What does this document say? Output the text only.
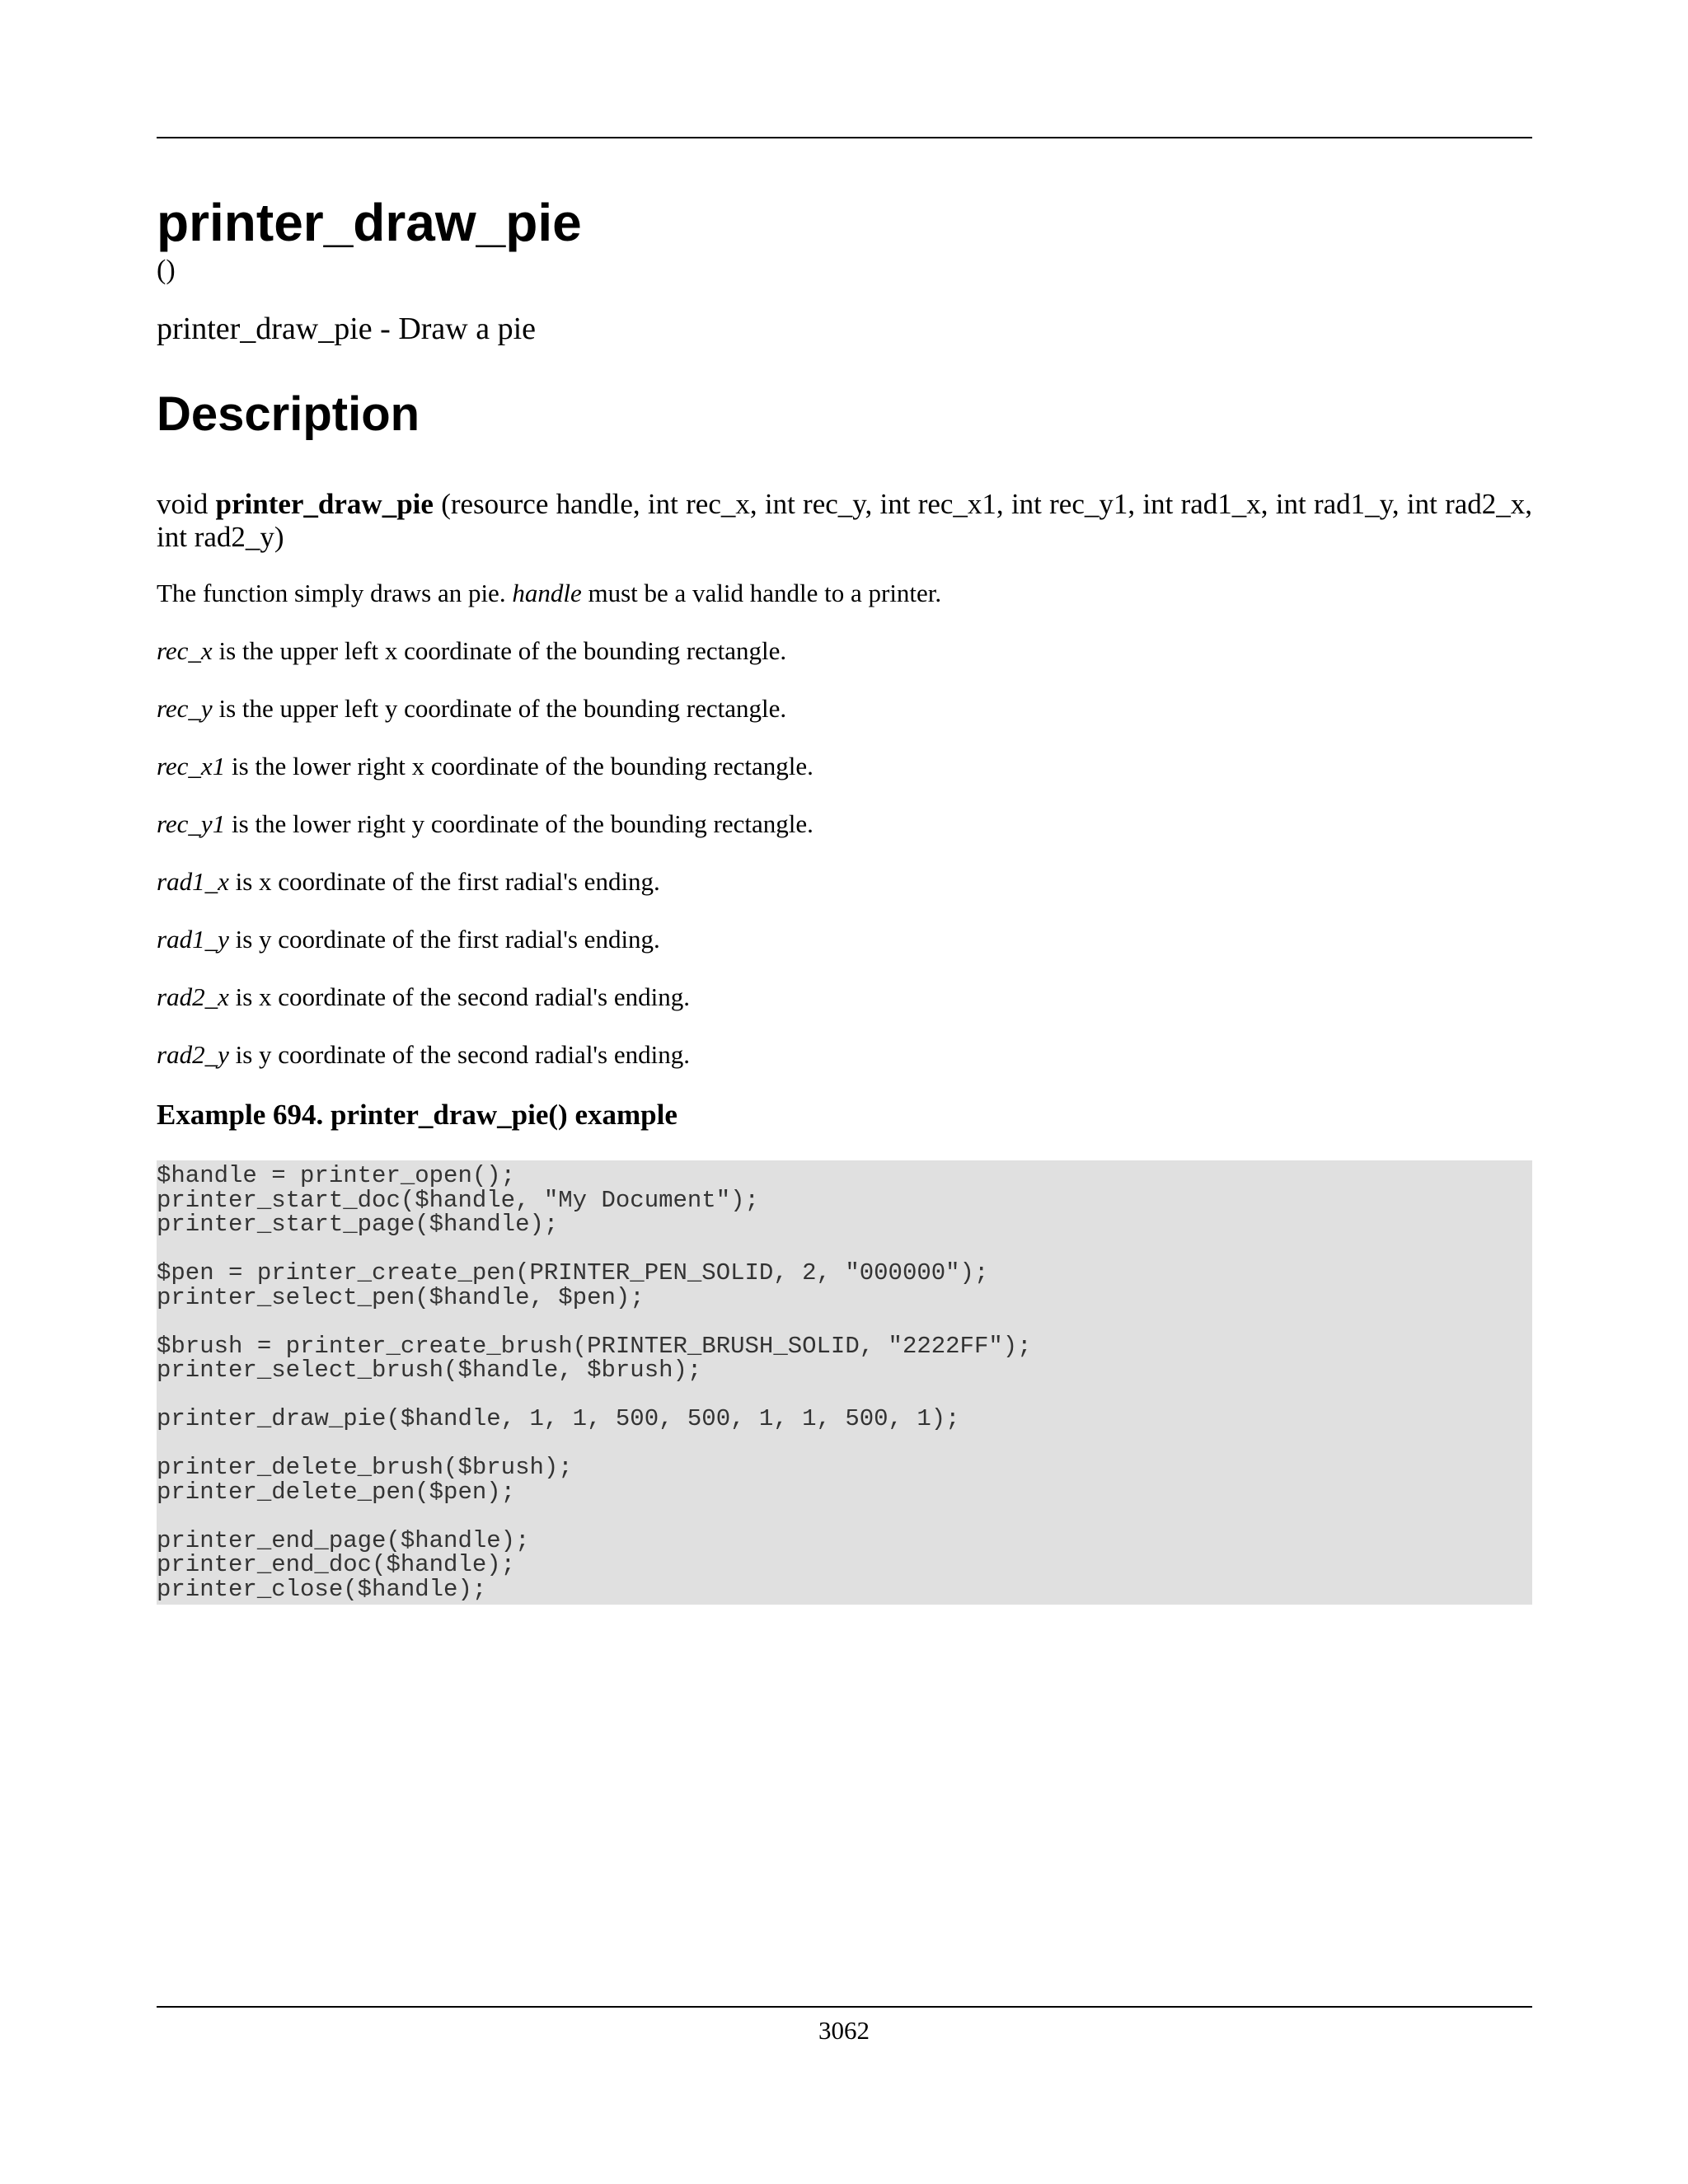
printer_draw_pie
()

printer_draw_pie - Draw a pie

Description

void printer_draw_pie (resource handle, int rec_x, int rec_y, int rec_x1, int rec_y1, int rad1_x, int rad1_y, int rad2_x, int rad2_y)

The function simply draws an pie. handle must be a valid handle to a printer.

rec_x is the upper left x coordinate of the bounding rectangle.

rec_y is the upper left y coordinate of the bounding rectangle.

rec_x1 is the lower right x coordinate of the bounding rectangle.

rec_y1 is the lower right y coordinate of the bounding rectangle.

rad1_x is x coordinate of the first radial's ending.

rad1_y is y coordinate of the first radial's ending.

rad2_x is x coordinate of the second radial's ending.

rad2_y is y coordinate of the second radial's ending.

Example 694. printer_draw_pie() example
$handle = printer_open();
printer_start_doc($handle, "My Document");
printer_start_page($handle);

$pen = printer_create_pen(PRINTER_PEN_SOLID, 2, "000000");
printer_select_pen($handle, $pen);

$brush = printer_create_brush(PRINTER_BRUSH_SOLID, "2222FF");
printer_select_brush($handle, $brush);

printer_draw_pie($handle, 1, 1, 500, 500, 1, 1, 500, 1);

printer_delete_brush($brush);
printer_delete_pen($pen);

printer_end_page($handle);
printer_end_doc($handle);
printer_close($handle);
3062
